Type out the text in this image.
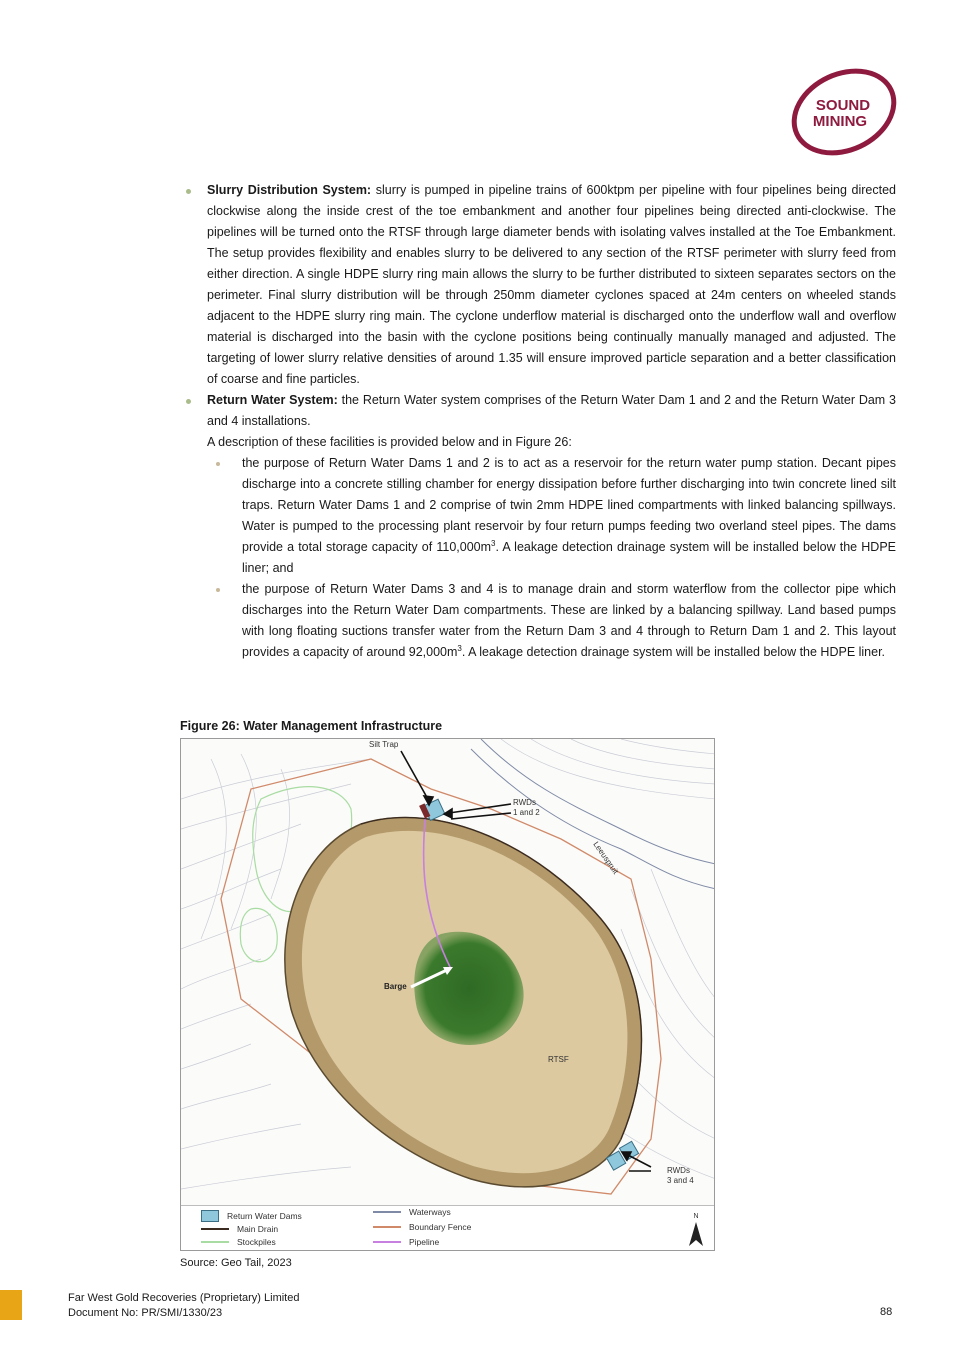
SOUND
MINING
Slurry Distribution System: slurry is pumped in pipeline trains of 600ktpm per pipeline with four pipelines being directed clockwise along the inside crest of the toe embankment and another four pipelines being directed anti-clockwise. The pipelines will be turned onto the RTSF through large diameter bends with isolating valves installed at the Toe Embankment. The setup provides flexibility and enables slurry to be delivered to any section of the RTSF perimeter with slurry feed from either direction. A single HDPE slurry ring main allows the slurry to be further distributed to sixteen separates sectors on the perimeter. Final slurry distribution will be through 250mm diameter cyclones spaced at 24m centers on wheeled stands adjacent to the HDPE slurry ring main. The cyclone underflow material is discharged onto the underflow wall and overflow material is discharged into the basin with the cyclone positions being continually manually managed and adjusted. The targeting of lower slurry relative densities of around 1.35 will ensure improved particle separation and a better classification of coarse and fine particles.
Return Water System: the Return Water system comprises of the Return Water Dam 1 and 2 and the Return Water Dam 3 and 4 installations.
A description of these facilities is provided below and in Figure 26:
the purpose of Return Water Dams 1 and 2 is to act as a reservoir for the return water pump station. Decant pipes discharge into a concrete stilling chamber for energy dissipation before further discharging into twin concrete lined silt traps. Return Water Dams 1 and 2 comprise of twin 2mm HDPE lined compartments with linked balancing spillways. Water is pumped to the processing plant reservoir by four return pumps feeding two overland steel pipes. The dams provide a total storage capacity of $110,000m^3$. A leakage detection drainage system will be installed below the HDPE liner; and
the purpose of Return Water Dams 3 and 4 is to manage drain and storm waterflow from the collector pipe which discharges into the Return Water Dam compartments. These are linked by a balancing spillway. Land based pumps with long floating suctions transfer water from the Return Dam 3 and 4 through to Return Dam 1 and 2. This layout provides a capacity of around $92,000m^3$. A leakage detection drainage system will be installed below the HDPE liner.
Figure 26: Water Management Infrastructure
Silt Trap
RWDs
1 and 2
Leeuspruit
Barge
RTSF
RWDs
3 and 4
Return Water Dams
Main Drain
Stockpiles
Waterways
Boundary Fence
Pipeline
N
Source: Geo Tail, 2023
Far West Gold Recoveries (Proprietary) Limited
Document No: PR/SMI/1330/23	88
